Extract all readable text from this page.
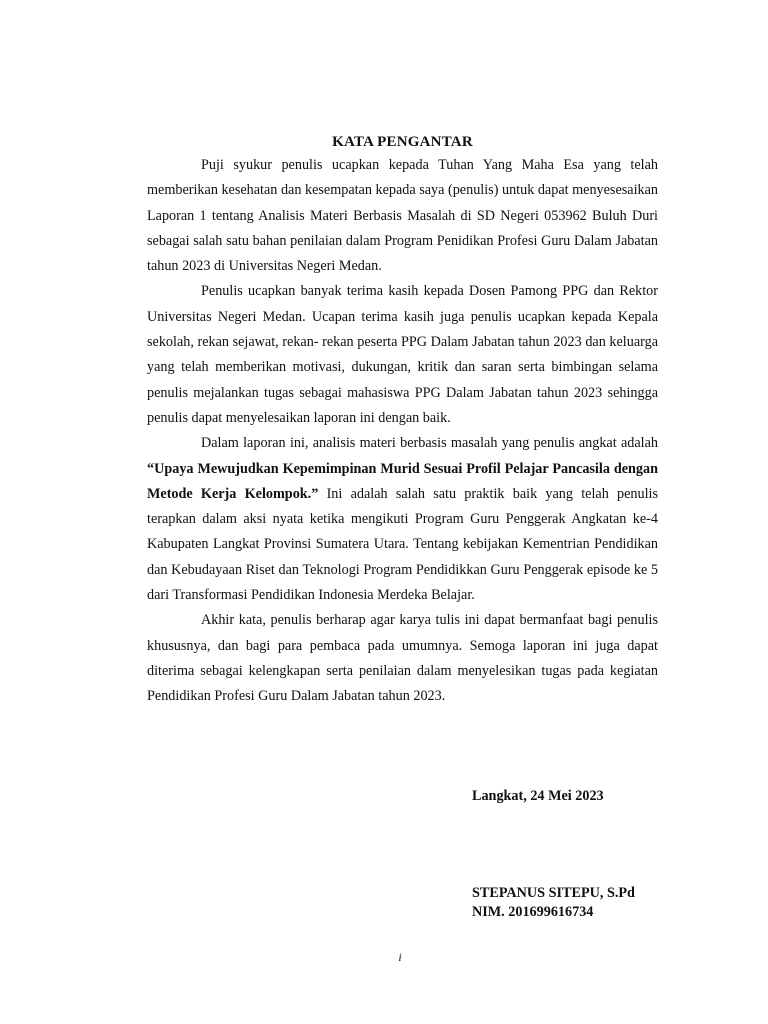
KATA PENGANTAR

Puji syukur penulis ucapkan kepada Tuhan Yang Maha Esa yang telah memberikan kesehatan dan kesempatan kepada saya (penulis) untuk dapat menyesesaikan Laporan 1 tentang Analisis Materi Berbasis Masalah di SD Negeri 053962 Buluh Duri sebagai salah satu bahan penilaian dalam Program Penidikan Profesi Guru Dalam Jabatan tahun 2023 di Universitas Negeri Medan.

Penulis ucapkan banyak terima kasih kepada Dosen Pamong PPG dan Rektor Universitas Negeri Medan. Ucapan terima kasih juga penulis ucapkan kepada Kepala sekolah, rekan sejawat, rekan- rekan peserta PPG Dalam Jabatan tahun 2023 dan keluarga yang telah memberikan motivasi, dukungan, kritik dan saran serta bimbingan selama penulis mejalankan tugas sebagai mahasiswa PPG Dalam Jabatan tahun 2023 sehingga penulis dapat menyelesaikan laporan ini dengan baik.

Dalam laporan ini, analisis materi berbasis masalah yang penulis angkat adalah “Upaya Mewujudkan Kepemimpinan Murid Sesuai Profil Pelajar Pancasila dengan Metode Kerja Kelompok.” Ini adalah salah satu praktik baik yang telah penulis terapkan dalam aksi nyata ketika mengikuti Program Guru Penggerak Angkatan ke-4 Kabupaten Langkat Provinsi Sumatera Utara. Tentang kebijakan Kementrian Pendidikan dan Kebudayaan Riset dan Teknologi Program Pendidikkan Guru Penggerak episode ke 5 dari Transformasi Pendidikan Indonesia Merdeka Belajar.

Akhir kata, penulis berharap agar karya tulis ini dapat bermanfaat bagi penulis khususnya, dan bagi para pembaca pada umumnya. Semoga laporan ini juga dapat diterima sebagai kelengkapan serta penilaian dalam menyelesikan tugas pada kegiatan Pendidikan Profesi Guru Dalam Jabatan tahun 2023.

Langkat, 24 Mei 2023
STEPANUS SITEPU, S.Pd
NIM. 201699616734
i
